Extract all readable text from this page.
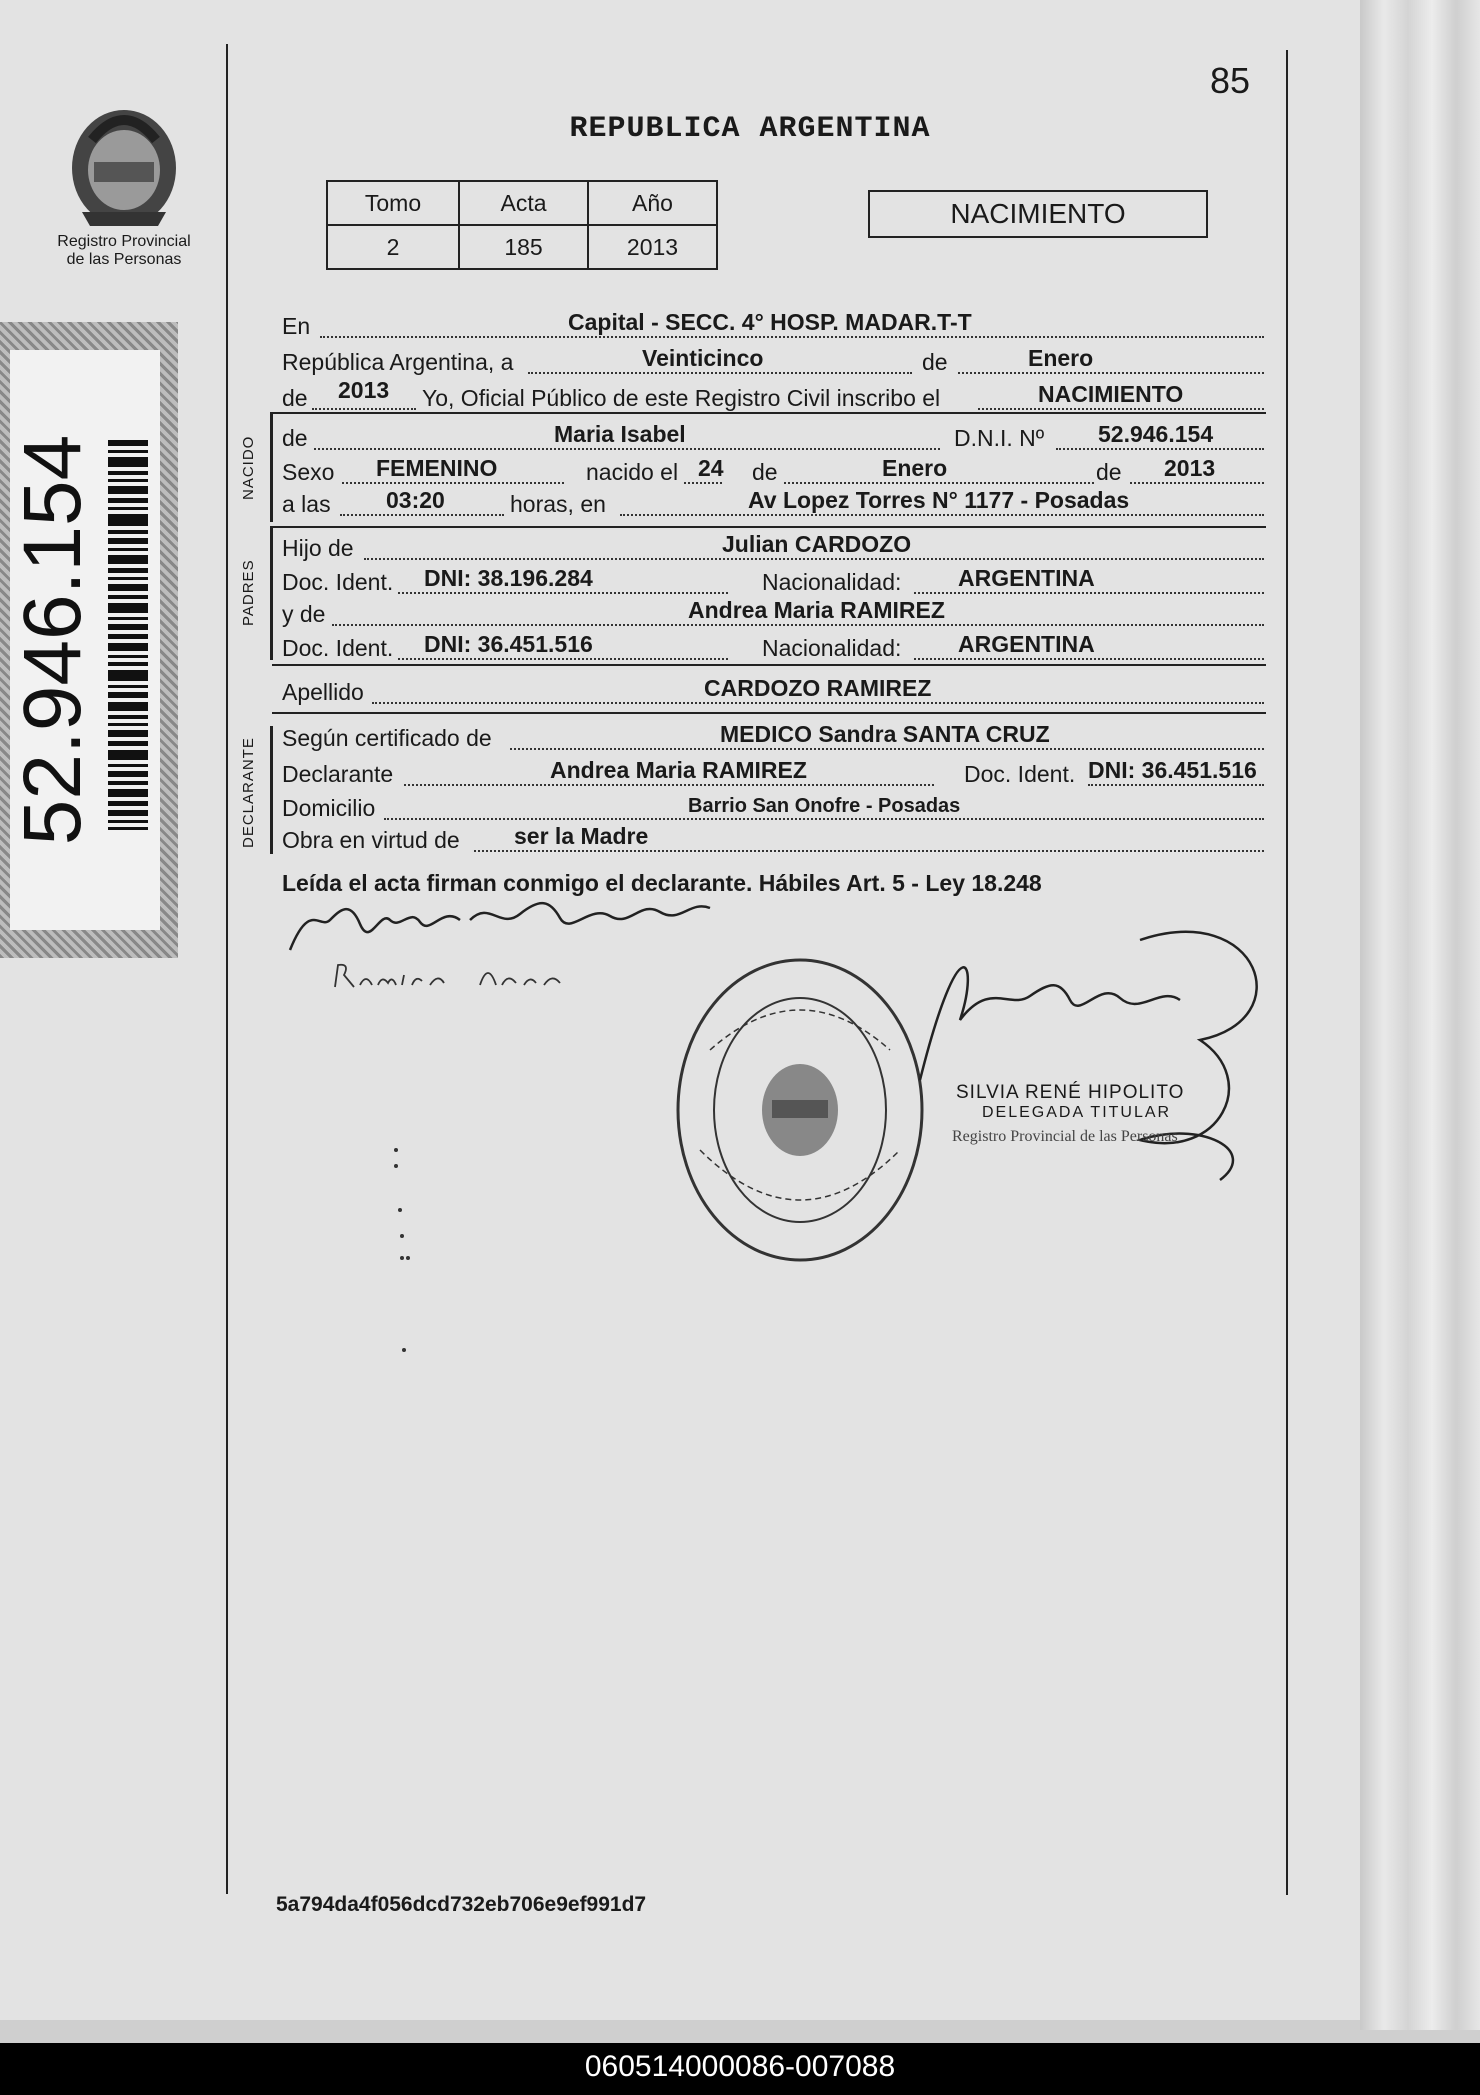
Registro Provincial
de las Personas
52.946.154
85
REPUBLICA ARGENTINA
Tomo	Acta	Año
2	185	2013
NACIMIENTO
En	Capital - SECC. 4° HOSP. MADAR.T-T
República Argentina, a	Veinticinco	de	Enero
de 2013 Yo, Oficial Público de este Registro Civil inscribo el	NACIMIENTO
NACIDO de	Maria Isabel	D.N.I. Nº 52.946.154
Sexo FEMENINO	nacido el 24 de	Enero	de 2013
a las 03:20	horas, en	Av Lopez Torres N° 1177 - Posadas
PADRES
Hijo de	Julian CARDOZO
Doc. Ident. DNI: 38.196.284	Nacionalidad: ARGENTINA
y de	Andrea Maria RAMIREZ
Doc. Ident. DNI: 36.451.516	Nacionalidad: ARGENTINA
Apellido	CARDOZO RAMIREZ
DECLARANTE Según certificado de	MEDICO Sandra SANTA CRUZ
Declarante	Andrea Maria RAMIREZ	Doc. Ident. DNI: 36.451.516
Domicilio	Barrio San Onofre - Posadas
Obra en virtud de ser la Madre
Leída el acta firman conmigo el declarante. Hábiles Art. 5 - Ley 18.248
SILVIA RENÉ HIPOLITO
DELEGADA TITULAR
Registro Provincial de las Personas
5a794da4f056dcd732eb706e9ef991d7
060514000086-007088
